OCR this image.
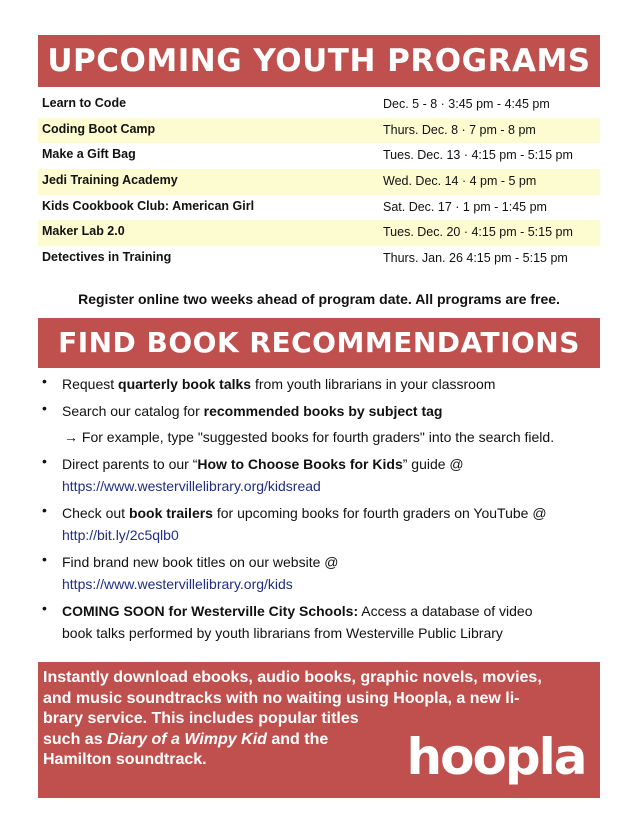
UPCOMING YOUTH PROGRAMS
Learn to Code	Dec. 5 - 8 · 3:45 pm - 4:45 pm
Coding Boot Camp	Thurs. Dec. 8 · 7 pm - 8 pm
Make a Gift Bag	Tues. Dec. 13 · 4:15 pm - 5:15 pm
Jedi Training Academy	Wed. Dec. 14 · 4 pm - 5 pm
Kids Cookbook Club: American Girl	Sat. Dec. 17 · 1 pm - 1:45 pm
Maker Lab 2.0	Tues. Dec. 20 · 4:15 pm - 5:15 pm
Detectives in Training	Thurs. Jan. 26 4:15 pm - 5:15 pm
Register online two weeks ahead of program date. All programs are free.
FIND BOOK RECOMMENDATIONS
• Request quarterly book talks from youth librarians in your classroom
• Search our catalog for recommended books by subject tag
→ For example, type "suggested books for fourth graders" into the search field.
• Direct parents to our “How to Choose Books for Kids” guide @
https://www.westervillelibrary.org/kidsread
• Check out book trailers for upcoming books for fourth graders on YouTube @
http://bit.ly/2c5qlb0
• Find brand new book titles on our website @
https://www.westervillelibrary.org/kids
• COMING SOON for Westerville City Schools: Access a database of video
book talks performed by youth librarians from Westerville Public Library
Instantly download ebooks, audio books, graphic novels, movies,
and music soundtracks with no waiting using Hoopla, a new li-
brary service. This includes popular titles
such as Diary of a Wimpy Kid and the
Hamilton soundtrack.	hoopla
